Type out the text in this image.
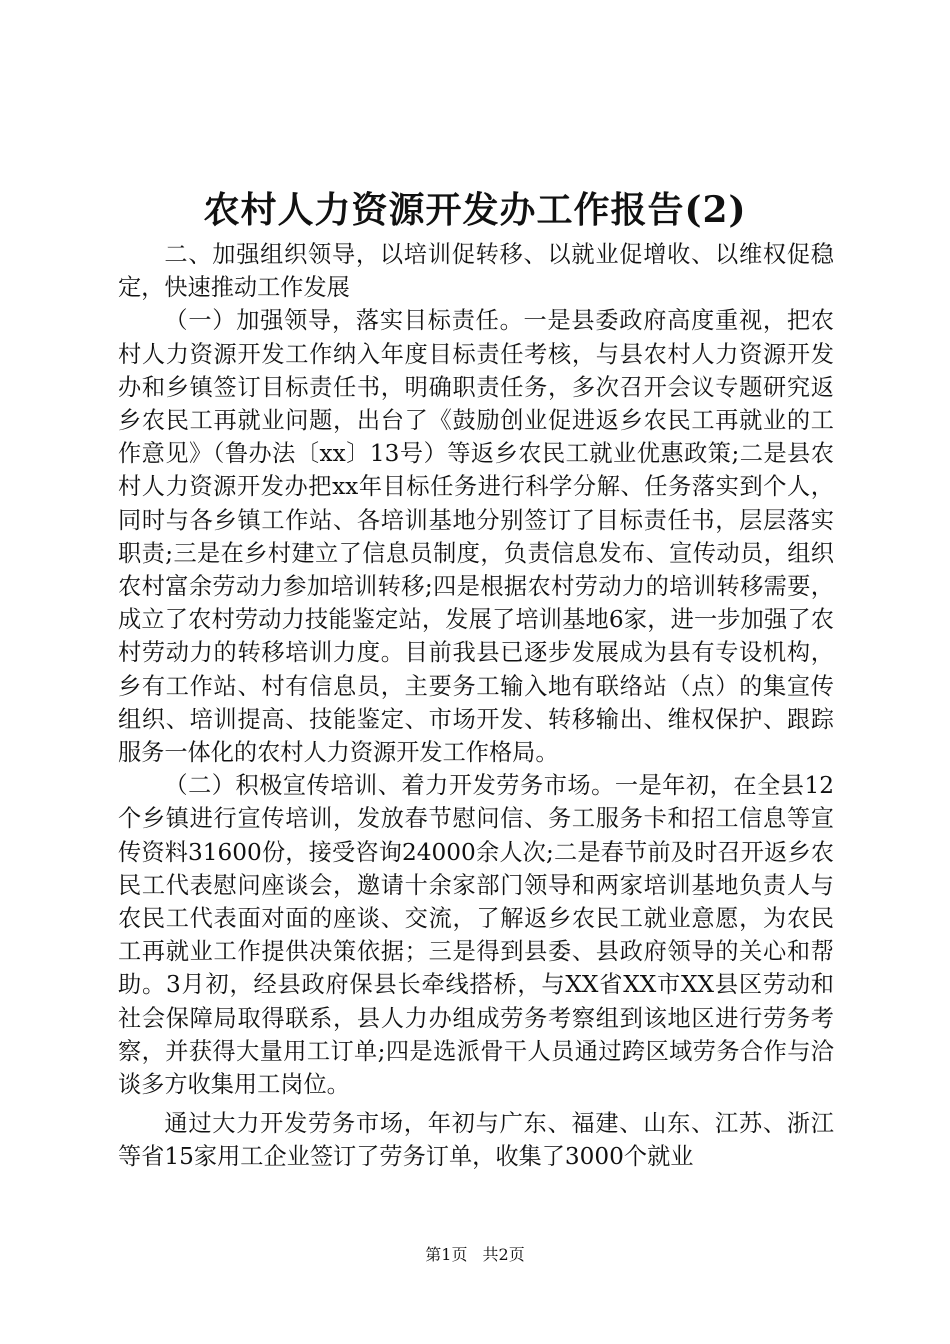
农村人力资源开发办工作报告(2)

二、加强组织领导，以培训促转移、以就业促增收、以维权促稳定，快速推动工作发展

（一）加强领导，落实目标责任。一是县委政府高度重视，把农村人力资源开发工作纳入年度目标责任考核，与县农村人力资源开发办和乡镇签订目标责任书，明确职责任务，多次召开会议专题研究返乡农民工再就业问题，出台了《鼓励创业促进返乡农民工再就业的工作意见》（鲁办法〔xx〕13号）等返乡农民工就业优惠政策;二是县农村人力资源开发办把xx年目标任务进行科学分解、任务落实到个人，同时与各乡镇工作站、各培训基地分别签订了目标责任书，层层落实职责;三是在乡村建立了信息员制度，负责信息发布、宣传动员，组织农村富余劳动力参加培训转移;四是根据农村劳动力的培训转移需要，成立了农村劳动力技能鉴定站，发展了培训基地6家，进一步加强了农村劳动力的转移培训力度。目前我县已逐步发展成为县有专设机构，乡有工作站、村有信息员，主要务工输入地有联络站（点）的集宣传组织、培训提高、技能鉴定、市场开发、转移输出、维权保护、跟踪服务一体化的农村人力资源开发工作格局。

（二）积极宣传培训、着力开发劳务市场。一是年初，在全县12个乡镇进行宣传培训，发放春节慰问信、务工服务卡和招工信息等宣传资料31600份，接受咨询24000余人次;二是春节前及时召开返乡农民工代表慰问座谈会，邀请十余家部门领导和两家培训基地负责人与农民工代表面对面的座谈、交流，了解返乡农民工就业意愿，为农民工再就业工作提供决策依据；三是得到县委、县政府领导的关心和帮助。3月初，经县政府保县长牵线搭桥，与XX省XX市XX县区劳动和社会保障局取得联系，县人力办组成劳务考察组到该地区进行劳务考察，并获得大量用工订单;四是选派骨干人员通过跨区域劳务合作与洽谈多方收集用工岗位。

通过大力开发劳务市场，年初与广东、福建、山东、江苏、浙江等省15家用工企业签订了劳务订单，收集了3000个就业

第1页 共2页
